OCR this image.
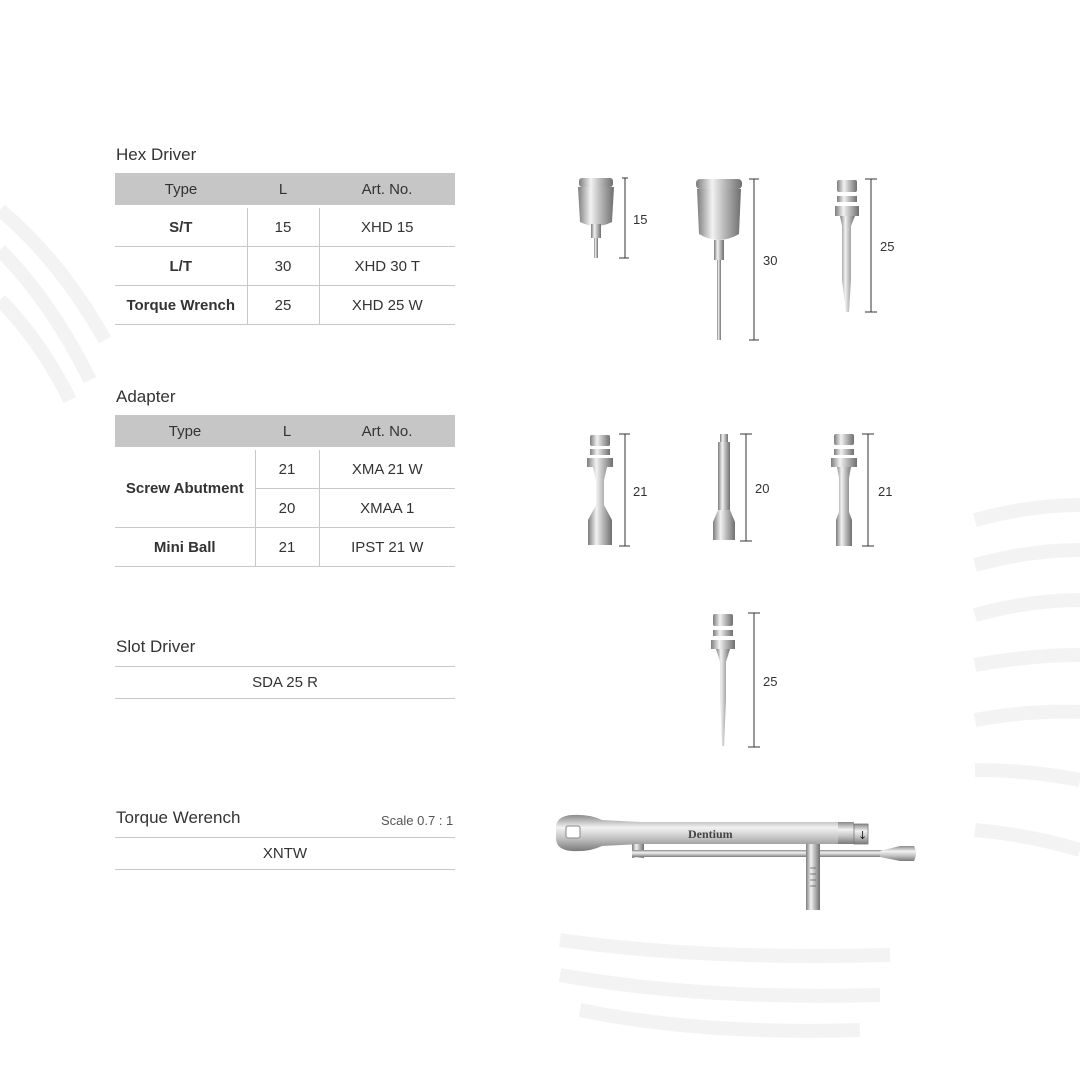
Hex Driver
Type	L	Art. No.
S/T	15	XHD 15
L/T	30	XHD 30 T
Torque Wrench	25	XHD 25 W
Adapter
Type	L	Art. No.
Screw Abutment	21	XMA 21 W
	20	XMAA 1
Mini Ball	21	IPST 21 W
Slot Driver
SDA 25 R
Torque Werench	Scale 0.7 : 1
XNTW
15
30
25
21	20	21
25
↓
Dentium
